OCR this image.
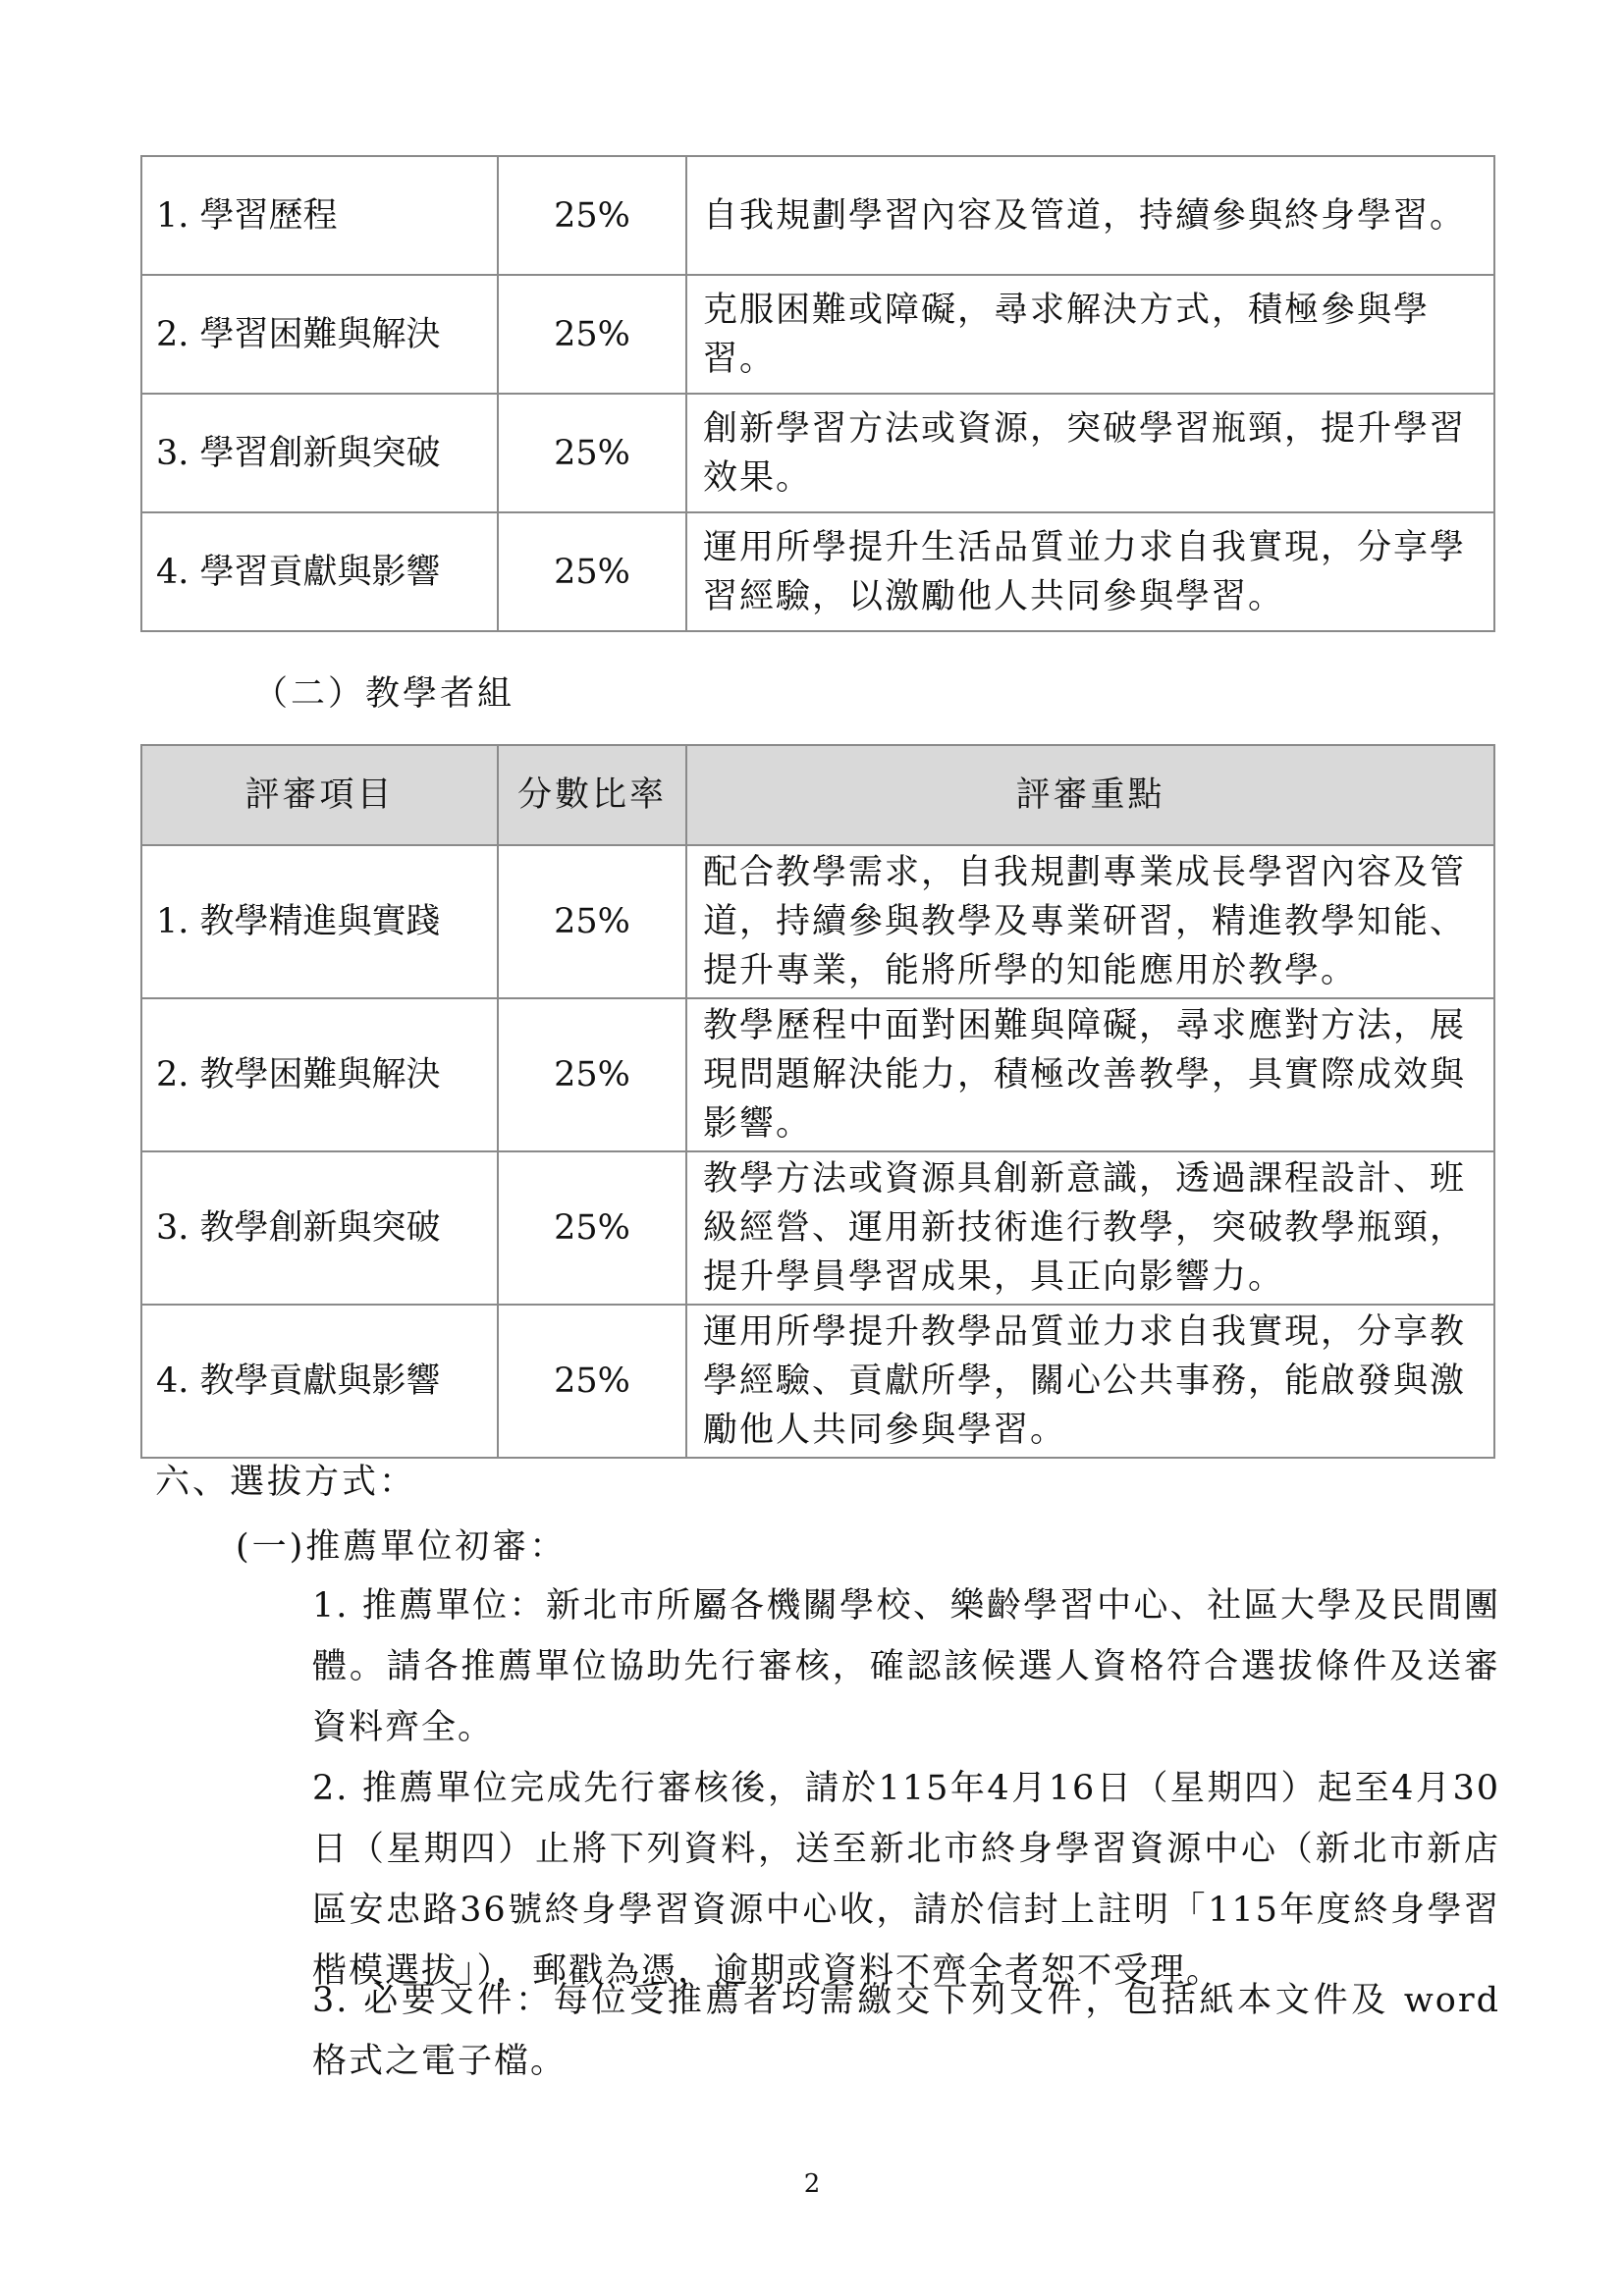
1. 學習歷程	25%	自我規劃學習內容及管道，持續參與終身學習。
2. 學習困難與解決	25%	克服困難或障礙，尋求解決方式，積極參與學習。
3. 學習創新與突破	25%	創新學習方法或資源，突破學習瓶頸，提升學習效果。
4. 學習貢獻與影響	25%	運用所學提升生活品質並力求自我實現，分享學習經驗，以激勵他人共同參與學習。
（二）教學者組
評審項目	分數比率	評審重點
1. 教學精進與實踐	25%	配合教學需求，自我規劃專業成長學習內容及管道，持續參與教學及專業研習，精進教學知能、提升專業，能將所學的知能應用於教學。
2. 教學困難與解決	25%	教學歷程中面對困難與障礙，尋求應對方法，展現問題解決能力，積極改善教學，具實際成效與影響。
3. 教學創新與突破	25%	教學方法或資源具創新意識，透過課程設計、班級經營、運用新技術進行教學，突破教學瓶頸，提升學員學習成果，具正向影響力。
4. 教學貢獻與影響	25%	運用所學提升教學品質並力求自我實現，分享教學經驗、貢獻所學，關心公共事務，能啟發與激勵他人共同參與學習。
六、選拔方式：
(一)推薦單位初審：
1. 推薦單位：新北市所屬各機關學校、樂齡學習中心、社區大學及民間團體。請各推薦單位協助先行審核，確認該候選人資格符合選拔條件及送審資料齊全。
2. 推薦單位完成先行審核後，請於115年4月16日（星期四）起至4月30日（星期四）止將下列資料，送至新北市終身學習資源中心（新北市新店區安忠路36號終身學習資源中心收，請於信封上註明「115年度終身學習楷模選拔」），郵戳為憑，逾期或資料不齊全者恕不受理。
3. 必要文件：每位受推薦者均需繳交下列文件，包括紙本文件及 word 格式之電子檔。
2
